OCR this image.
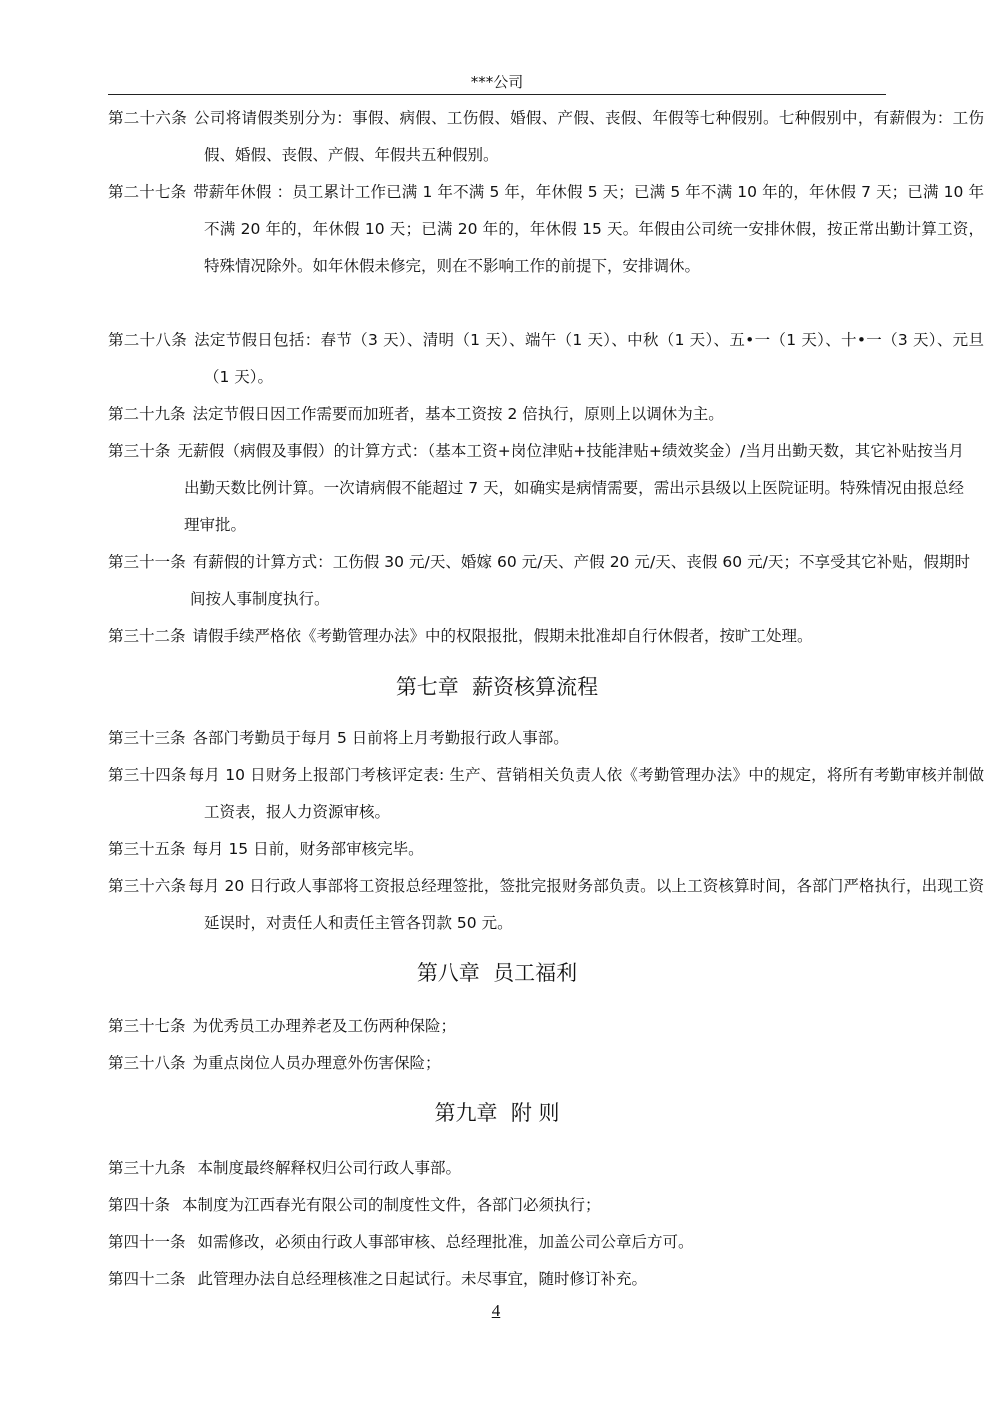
***公司
第二十六条 公司将请假类别分为：事假、病假、工伤假、婚假、产假、丧假、年假等七种假别。七种假别中，有薪假为：工伤假、婚假、丧假、产假、年假共五种假别。
第二十七条 带薪年休假 ：员工累计工作已满 1 年不满 5 年，年休假 5 天；已满 5 年不满 10 年的，年休假 7 天；已满 10 年不满 20 年的，年休假 10 天；已满 20 年的，年休假 15 天。年假由公司统一安排休假，按正常出勤计算工资，特殊情况除外。如年休假未修完，则在不影响工作的前提下，安排调休。
第二十八条 法定节假日包括：春节（3 天）、清明（1 天）、端午（1 天）、中秋（1 天）、五•一（1 天）、十•一（3 天）、元旦（1 天）。
第二十九条 法定节假日因工作需要而加班者，基本工资按 2 倍执行，原则上以调休为主。
第三十条 无薪假（病假及事假）的计算方式：（基本工资+岗位津贴+技能津贴+绩效奖金）/当月出勤天数，其它补贴按当月出勤天数比例计算。一次请病假不能超过 7 天，如确实是病情需要，需出示县级以上医院证明。特殊情况由报总经理审批。
第三十一条 有薪假的计算方式：工伤假 30 元/天、婚嫁 60 元/天、产假 20 元/天、丧假 60 元/天；不享受其它补贴，假期时间按人事制度执行。
第三十二条 请假手续严格依《考勤管理办法》中的权限报批，假期未批准却自行休假者，按旷工处理。
第七章  薪资核算流程
第三十三条 各部门考勤员于每月 5 日前将上月考勤报行政人事部。
第三十四条 每月 10 日财务上报部门考核评定表: 生产、营销相关负责人依《考勤管理办法》中的规定，将所有考勤审核并制做工资表，报人力资源审核。
第三十五条 每月 15 日前，财务部审核完毕。
第三十六条 每月 20 日行政人事部将工资报总经理签批，签批完报财务部负责。以上工资核算时间，各部门严格执行，出现工资延误时，对责任人和责任主管各罚款 50 元。
第八章  员工福利
第三十七条 为优秀员工办理养老及工伤两种保险；
第三十八条 为重点岗位人员办理意外伤害保险；
第九章  附 则
第三十九条 本制度最终解释权归公司行政人事部。
第四十条 本制度为江西春光有限公司的制度性文件，各部门必须执行；
第四十一条 如需修改，必须由行政人事部审核、总经理批准，加盖公司公章后方可。
第四十二条 此管理办法自总经理核准之日起试行。未尽事宜，随时修订补充。
4
